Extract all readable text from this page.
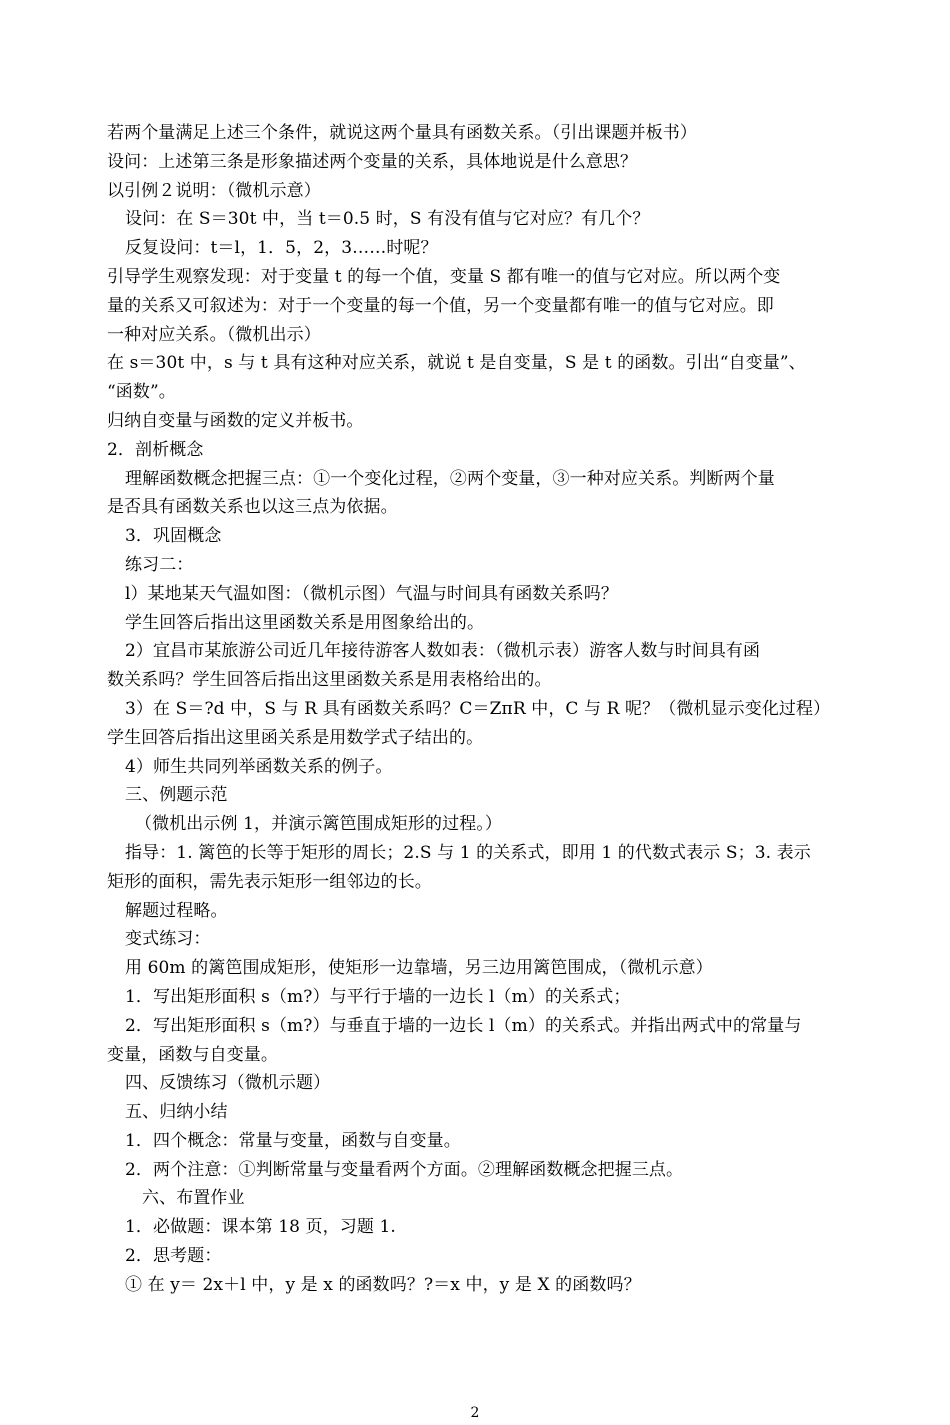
若两个量满足上述三个条件，就说这两个量具有函数关系。（引出课题并板书）
设问：上述第三条是形象描述两个变量的关系，具体地说是什么意思？
以引例２说明：（微机示意）
设问：在 S＝30t 中，当 t＝0.5 时，S 有没有值与它对应？有几个？
反复设问：t＝l，1．5，2，3……时呢？
引导学生观察发现：对于变量 t 的每一个值，变量 S 都有唯一的值与它对应。所以两个变
量的关系又可叙述为：对于一个变量的每一个值，另一个变量都有唯一的值与它对应。即
一种对应关系。（微机出示）
在 s＝30t 中，s 与 t 具有这种对应关系，就说 t 是自变量，S 是 t 的函数。引出“自变量”、
“函数”。
归纳自变量与函数的定义并板书。
2．剖析概念
理解函数概念把握三点：①一个变化过程，②两个变量，③一种对应关系。判断两个量
是否具有函数关系也以这三点为依据。
3．巩固概念
练习二：
l）某地某天气温如图：（微机示图）气温与时间具有函数关系吗？
学生回答后指出这里函数关系是用图象给出的。
2）宜昌市某旅游公司近几年接待游客人数如表：（微机示表）游客人数与时间具有函
数关系吗？学生回答后指出这里函数关系是用表格给出的。
3）在 S＝?d 中，S 与 R 具有函数关系吗？C＝ZπR 中，C 与 R 呢？（微机显示变化过程）
学生回答后指出这里函关系是用数学式子结出的。
4）师生共同列举函数关系的例子。
三、例题示范
（微机出示例 1，并演示篱笆围成矩形的过程。）
指导：1. 篱笆的长等于矩形的周长；2.S 与 1 的关系式，即用 1 的代数式表示 S；3. 表示
矩形的面积，需先表示矩形一组邻边的长。
解题过程略。
变式练习：
用 60m 的篱笆围成矩形，使矩形一边靠墙，另三边用篱笆围成，（微机示意）
1．写出矩形面积 s（m?）与平行于墙的一边长 l（m）的关系式；
2．写出矩形面积 s（m?）与垂直于墙的一边长 l（m）的关系式。并指出两式中的常量与
变量，函数与自变量。
四、反馈练习（微机示题）
五、归纳小结
1．四个概念：常量与变量，函数与自变量。
2．两个注意：①判断常量与变量看两个方面。②理解函数概念把握三点。
六、布置作业
1．必做题：课本第 18 页，习题 1.
2．思考题：
① 在 y＝ 2x＋l 中，y 是 x 的函数吗？?＝x 中，y 是 X 的函数吗？
2
